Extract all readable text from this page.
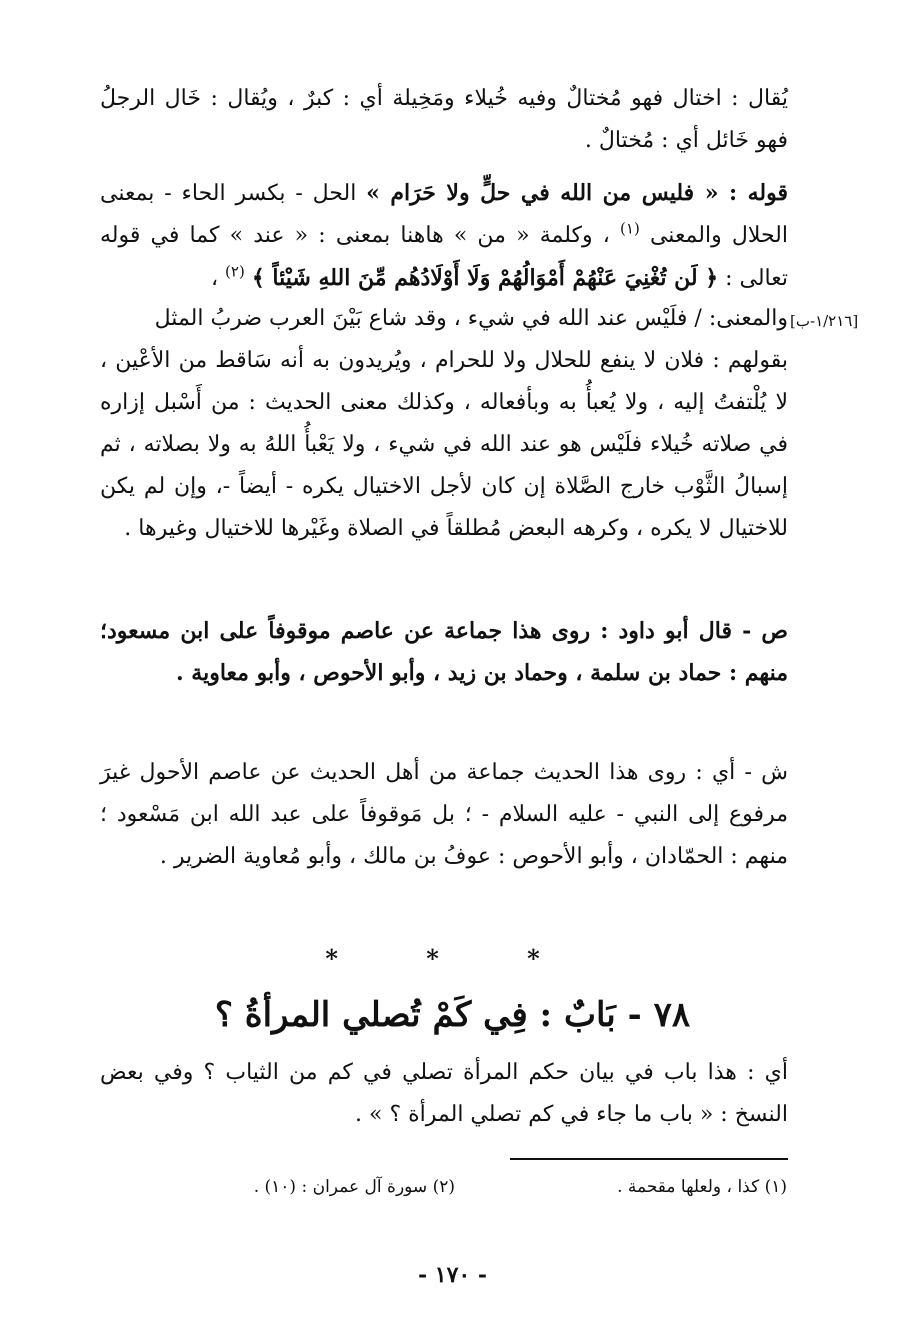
يُقال : اختال فهو مُختالٌ وفيه خُيلاء ومَخِيلة أي : كبرٌ ، ويُقال : خَال الرجلُ فهو خَائل أي : مُختالٌ .

قوله : « فليس من الله في حلٍّ ولا حَرَام » الحل - بكسر الحاء - بمعنى الحلال والمعنى $^{(١)}$ ، وكلمة « من » هاهنا بمعنى : « عند » كما في قوله تعالى : ﴿ لَن تُغْنِيَ عَنْهُمْ أَمْوَالُهُمْ وَلَا أَوْلَادُهُم مِّنَ اللهِ شَيْئاً ﴾ $^{(٢)}$ ،

[١/٢١٦-ب]

والمعنى: / فلَيْس عند الله في شيء ، وقد شاع بَيْنَ العرب ضربُ المثل

بقولهم : فلان لا ينفع للحلال ولا للحرام ، ويُريدون به أنه سَاقط من الأعْين ، لا يُلْتفتُ إليه ، ولا يُعبأُ به وبأفعاله ، وكذلك معنى الحديث : من أَسْبل إزاره في صلاته خُيلاء فلَيْس هو عند الله في شيء ، ولا يَعْبأُ اللهُ به ولا بصلاته ، ثم إسبالُ الثَّوْب خارج الصَّلاة إن كان لأجل الاختيال يكره - أيضاً -، وإن لم يكن للاختيال لا يكره ، وكرهه البعض مُطلقاً في الصلاة وغَيْرها للاختيال وغيرها .

ص - قال أبو داود : روى هذا جماعة عن عاصم موقوفاً على ابن مسعود؛ منهم : حماد بن سلمة ، وحماد بن زيد ، وأبو الأحوص ، وأبو معاوية .

ش - أي : روى هذا الحديث جماعة من أهل الحديث عن عاصم الأحول غيرَ مرفوع إلى النبي - عليه السلام - ؛ بل مَوقوفاً على عبد الله ابن مَسْعود ؛ منهم : الحمّادان ، وأبو الأحوص : عوفُ بن مالك ، وأبو مُعاوية الضرير .

* * *
٧٨ - بَابٌ : فِي كَمْ تُصلي المرأةُ ؟

أي : هذا باب في بيان حكم المرأة تصلي في كم من الثياب ؟ وفي بعض النسخ : « باب ما جاء في كم تصلي المرأة ؟ » .

(١) كذا ، ولعلها مقحمة .
(٢) سورة آل عمران : (١٠) .
- ١٧٠ -
